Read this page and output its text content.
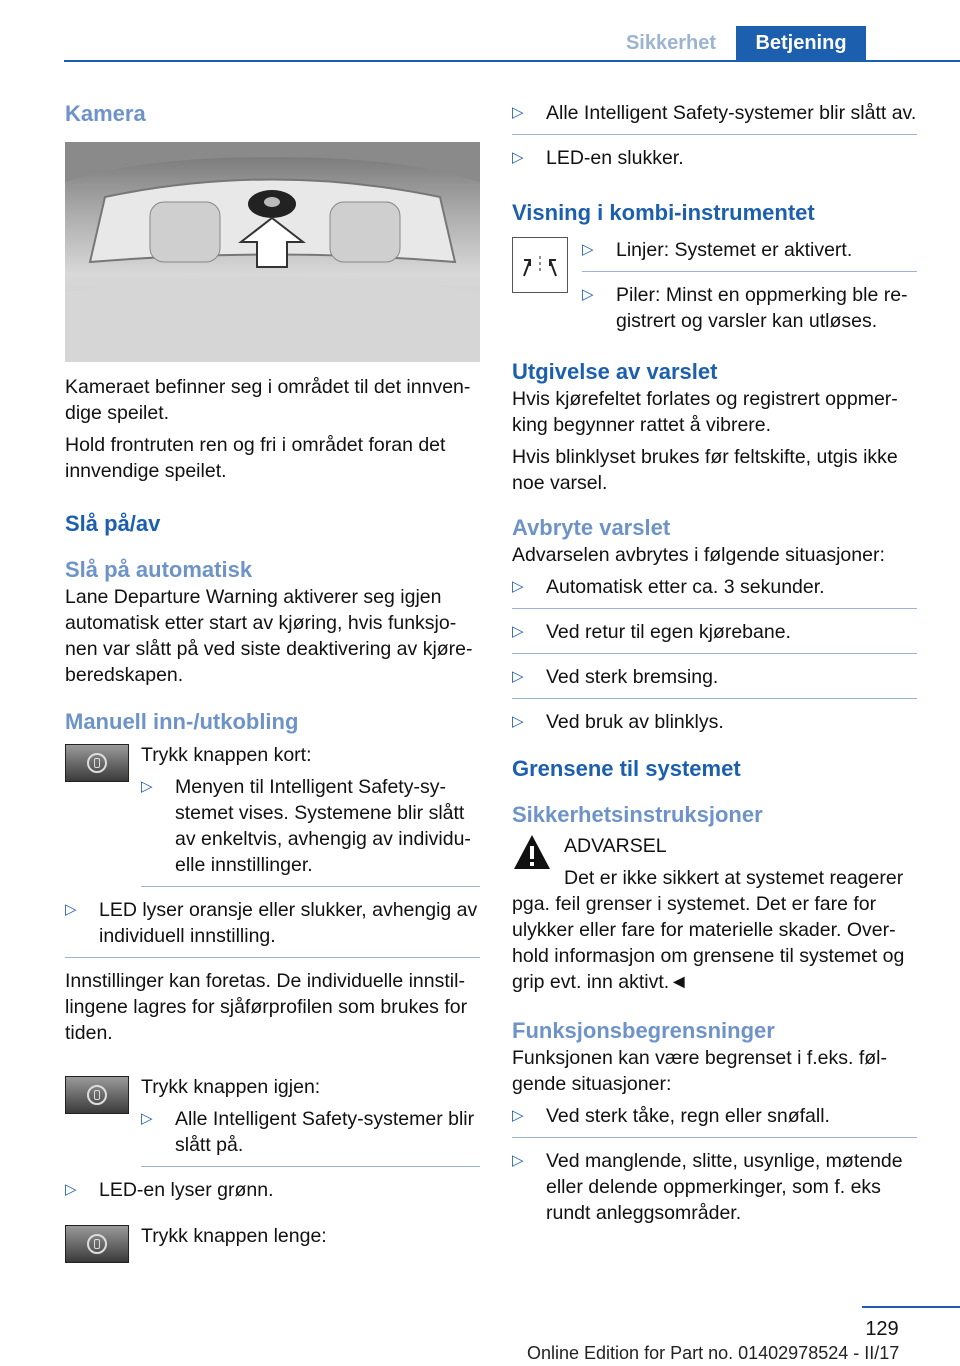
Sikkerhet	Betjening
Kamera

Kameraet befinner seg i området til det innven-dige speilet.

Hold frontruten ren og fri i området foran det innvendige speilet.

Slå på/av
Slå på automatisk

Lane Departure Warning aktiverer seg igjen automatisk etter start av kjøring, hvis funksjo-nen var slått på ved siste deaktivering av kjøre-beredskapen.

Manuell inn-/utkobling
Trykk knappen kort:
▷ Menyen til Intelligent Safety-sy-stemet vises. Systemene blir slått av enkeltvis, avhengig av individu-elle innstillinger.
▷ LED lyser oransje eller slukker, avhengig av individuell innstilling.

Innstillinger kan foretas. De individuelle innstil-lingene lagres for sjåførprofilen som brukes for tiden.

Trykk knappen igjen:
▷ Alle Intelligent Safety-systemer blir slått på.
▷ LED-en lyser grønn.
Trykk knappen lenge:
▷ Alle Intelligent Safety-systemer blir slått av.
▷ LED-en slukker.
Visning i kombi-instrumentet
▷ Linjer: Systemet er aktivert.
▷ Piler: Minst en oppmerking ble re-gistrert og varsler kan utløses.
Utgivelse av varslet

Hvis kjørefeltet forlates og registrert oppmer-king begynner rattet å vibrere.

Hvis blinklyset brukes før feltskifte, utgis ikke noe varsel.

Avbryte varslet

Advarselen avbrytes i følgende situasjoner:

▷ Automatisk etter ca. 3 sekunder.
▷ Ved retur til egen kjørebane.
▷ Ved sterk bremsing.
▷ Ved bruk av blinklys.
Grensene til systemet
Sikkerhetsinstruksjoner
ADVARSEL
Det er ikke sikkert at systemet reagerer

pga. feil grenser i systemet. Det er fare for ulykker eller fare for materielle skader. Over-hold informasjon om grensene til systemet og grip evt. inn aktivt.◄

Funksjonsbegrensninger

Funksjonen kan være begrenset i f.eks. føl-gende situasjoner:

▷ Ved sterk tåke, regn eller snøfall.
▷ Ved manglende, slitte, usynlige, møtende eller delende oppmerkinger, som f. eks rundt anleggsområder.
129
Online Edition for Part no. 01402978524 - II/17
